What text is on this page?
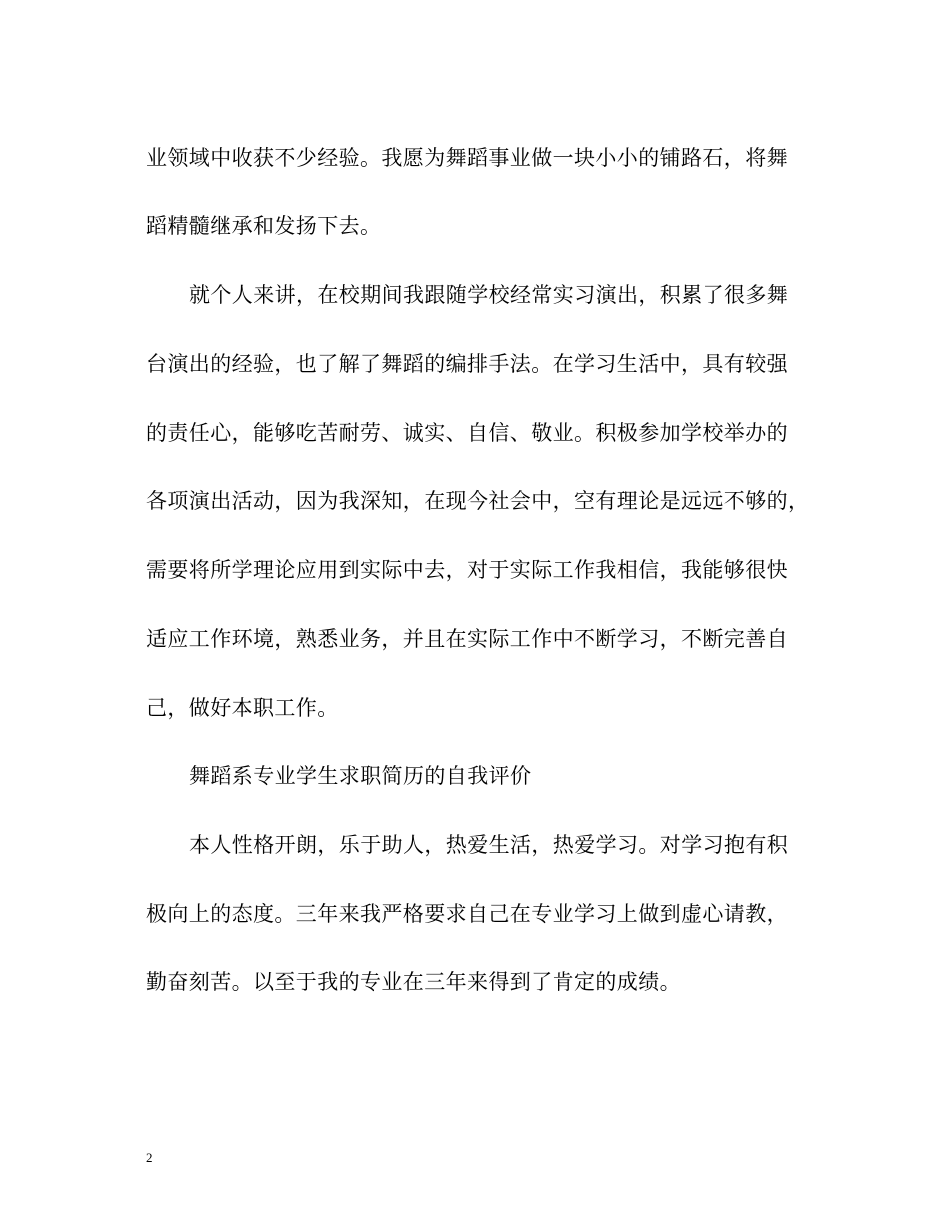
业领域中收获不少经验。我愿为舞蹈事业做一块小小的铺路石，将舞
蹈精髓继承和发扬下去。
就个人来讲，在校期间我跟随学校经常实习演出，积累了很多舞
台演出的经验，也了解了舞蹈的编排手法。在学习生活中，具有较强
的责任心，能够吃苦耐劳、诚实、自信、敬业。积极参加学校举办的
各项演出活动，因为我深知，在现今社会中，空有理论是远远不够的，
需要将所学理论应用到实际中去，对于实际工作我相信，我能够很快
适应工作环境，熟悉业务，并且在实际工作中不断学习，不断完善自
己，做好本职工作。
舞蹈系专业学生求职简历的自我评价
本人性格开朗，乐于助人，热爱生活，热爱学习。对学习抱有积
极向上的态度。三年来我严格要求自己在专业学习上做到虚心请教，
勤奋刻苦。以至于我的专业在三年来得到了肯定的成绩。
2
